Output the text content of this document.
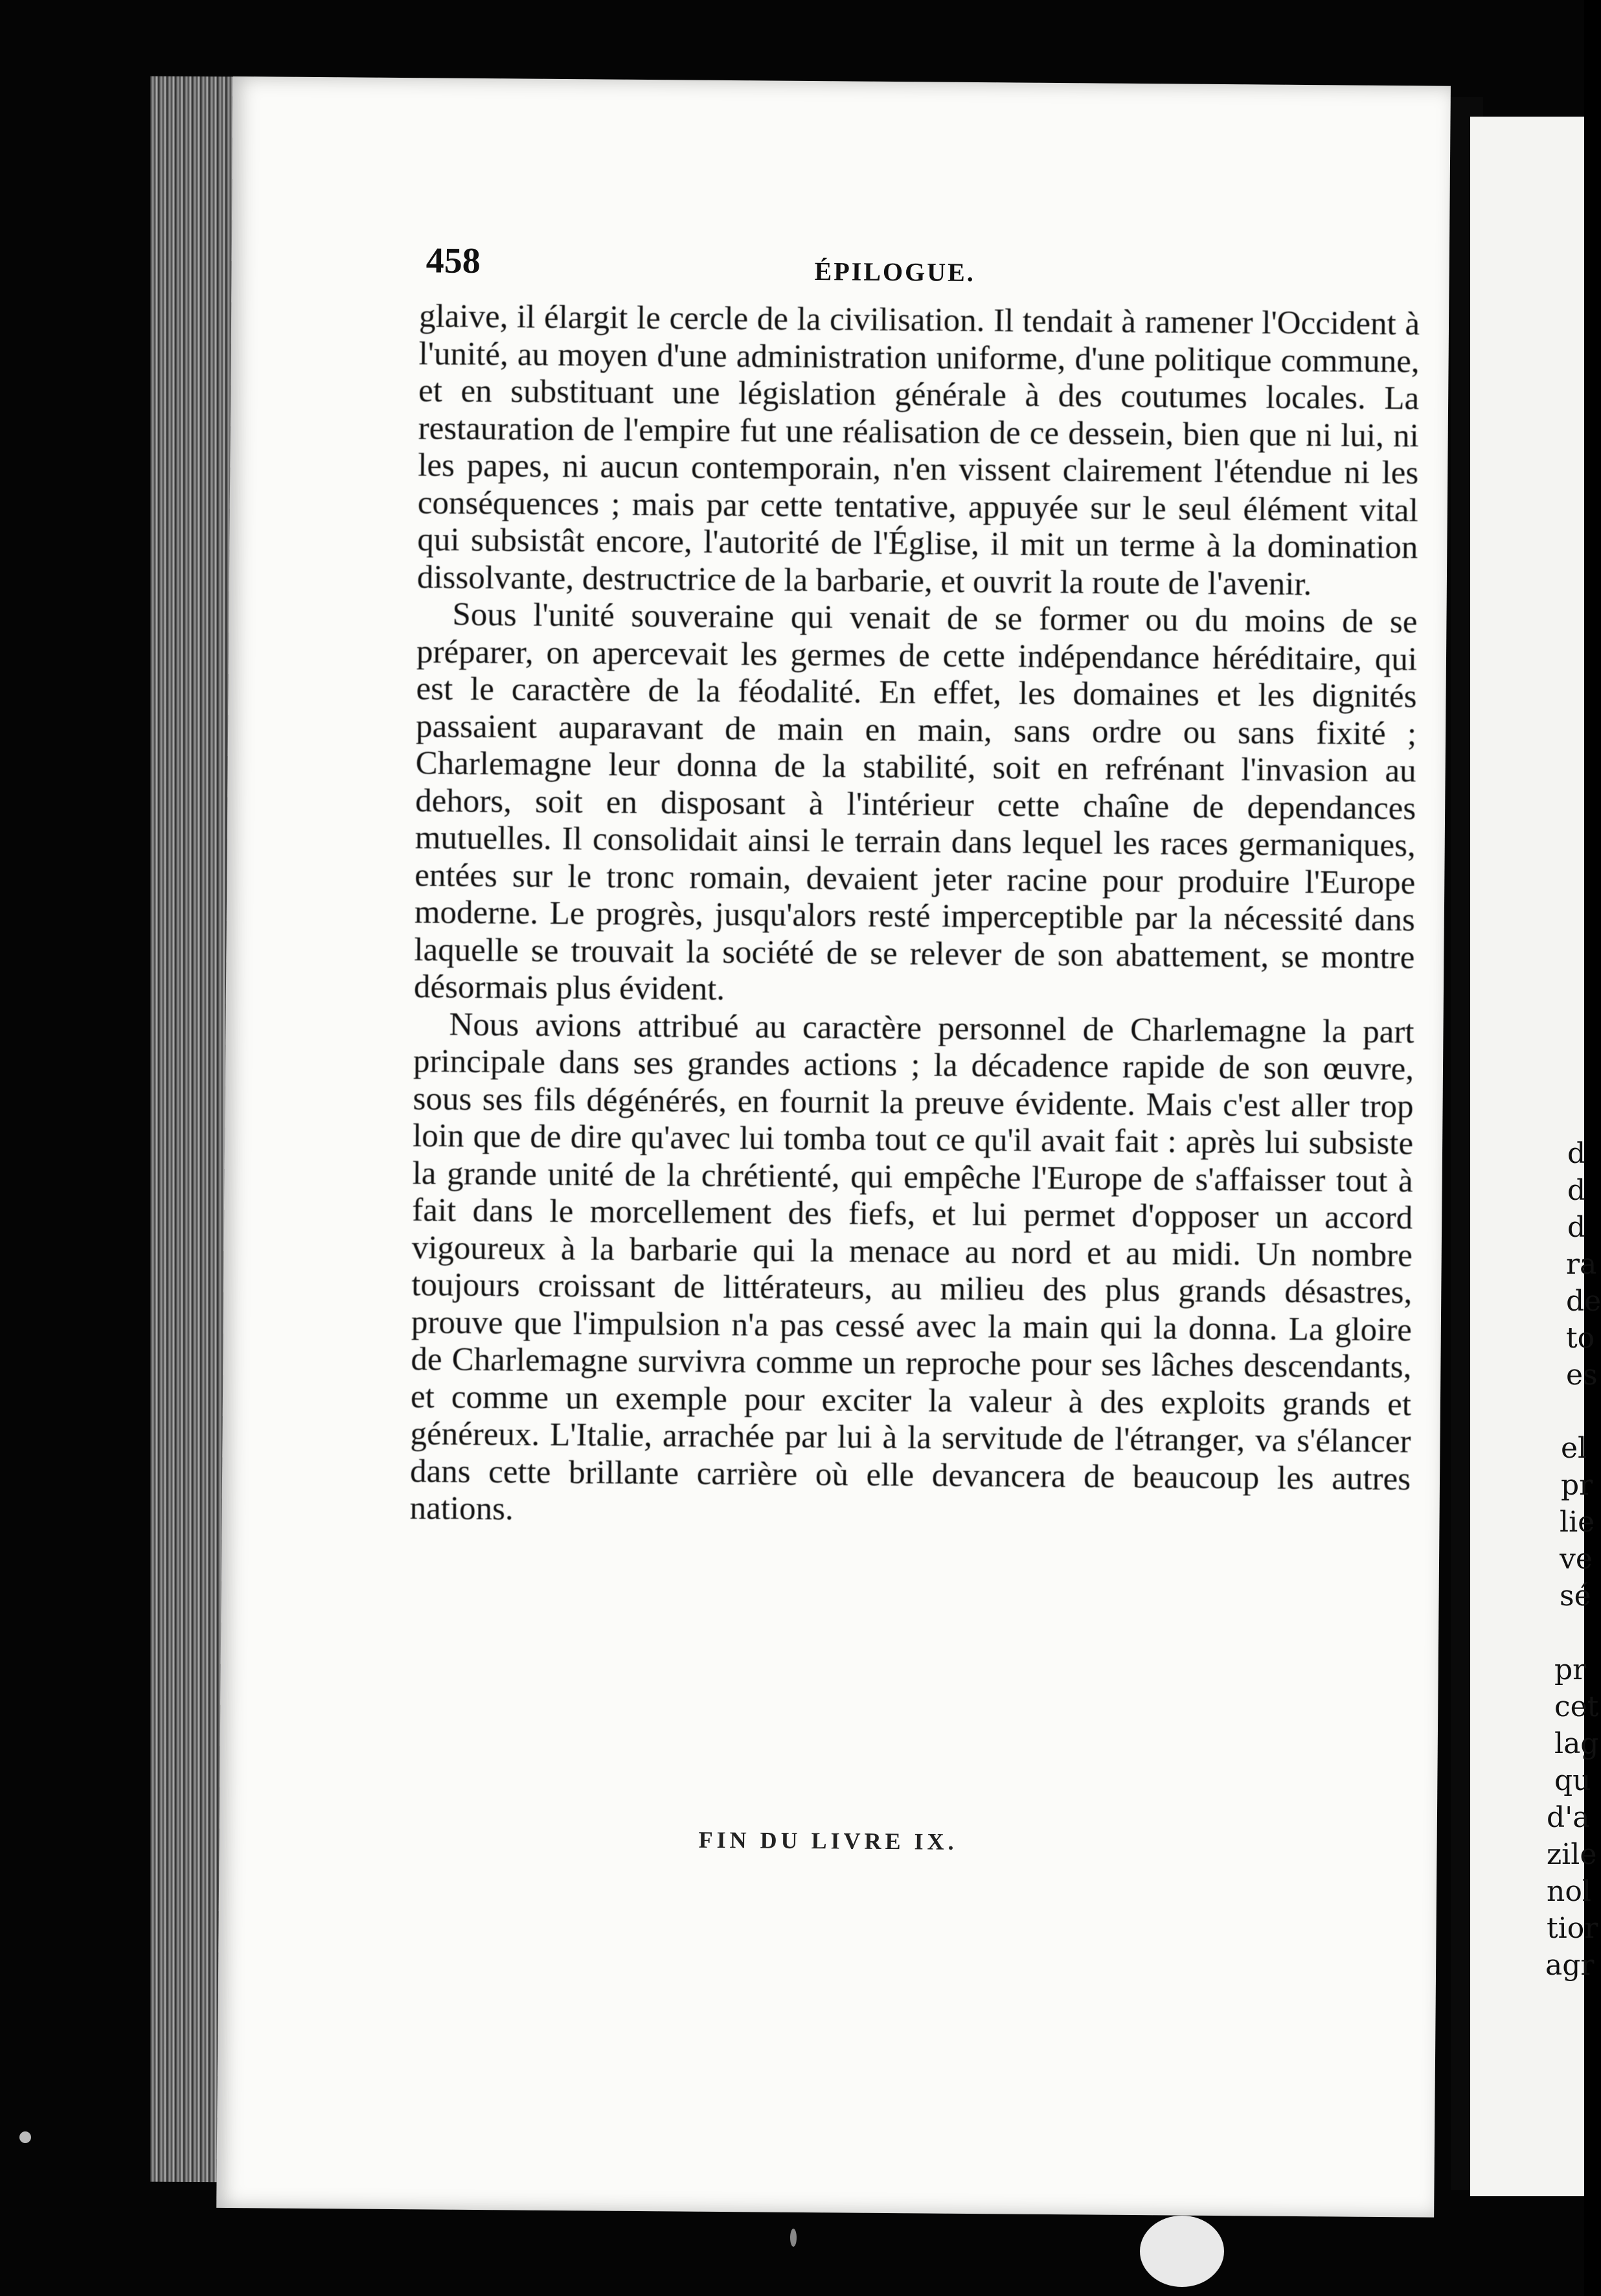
458	ÉPILOGUE.

glaive, il élargit le cercle de la civilisation. Il tendait à ramener l'Occident à l'unité, au moyen d'une administration uniforme, d'une politique commune, et en substituant une législation générale à des coutumes locales. La restauration de l'empire fut une réalisation de ce dessein, bien que ni lui, ni les papes, ni aucun contemporain, n'en vissent clairement l'étendue ni les conséquences ; mais par cette tentative, appuyée sur le seul élément vital qui subsistât encore, l'autorité de l'Église, il mit un terme à la domination dissolvante, destructrice de la barbarie, et ouvrit la route de l'avenir.

Sous l'unité souveraine qui venait de se former ou du moins de se préparer, on apercevait les germes de cette indépendance héréditaire, qui est le caractère de la féodalité. En effet, les domaines et les dignités passaient auparavant de main en main, sans ordre ou sans fixité ; Charlemagne leur donna de la stabilité, soit en refrénant l'invasion au dehors, soit en disposant à l'intérieur cette chaîne de dependances mutuelles. Il consolidait ainsi le terrain dans lequel les races germaniques, entées sur le tronc romain, devaient jeter racine pour produire l'Europe moderne. Le progrès, jusqu'alors resté imperceptible par la nécessité dans laquelle se trouvait la société de se relever de son abattement, se montre désormais plus évident.

Nous avions attribué au caractère personnel de Charlemagne la part principale dans ses grandes actions ; la décadence rapide de son œuvre, sous ses fils dégénérés, en fournit la preuve évidente. Mais c'est aller trop loin que de dire qu'avec lui tomba tout ce qu'il avait fait : après lui subsiste la grande unité de la chrétienté, qui empêche l'Europe de s'affaisser tout à fait dans le morcellement des fiefs, et lui permet d'opposer un accord vigoureux à la barbarie qui la menace au nord et au midi. Un nombre toujours croissant de littérateurs, au milieu des plus grands désastres, prouve que l'impulsion n'a pas cessé avec la main qui la donna. La gloire de Charlemagne survivra comme un reproche pour ses lâches descendants, et comme un exemple pour exciter la valeur à des exploits grands et généreux. L'Italie, arrachée par lui à la servitude de l'étranger, va s'élancer dans cette brillante carrière où elle devancera de beaucoup les autres nations.

FIN DU LIVRE IX.
d
d
d
ra
de
to
es
el
pr
lie
ve
sé
pr
cet
lag
qu
d'a
zile
nol
tior
agr
